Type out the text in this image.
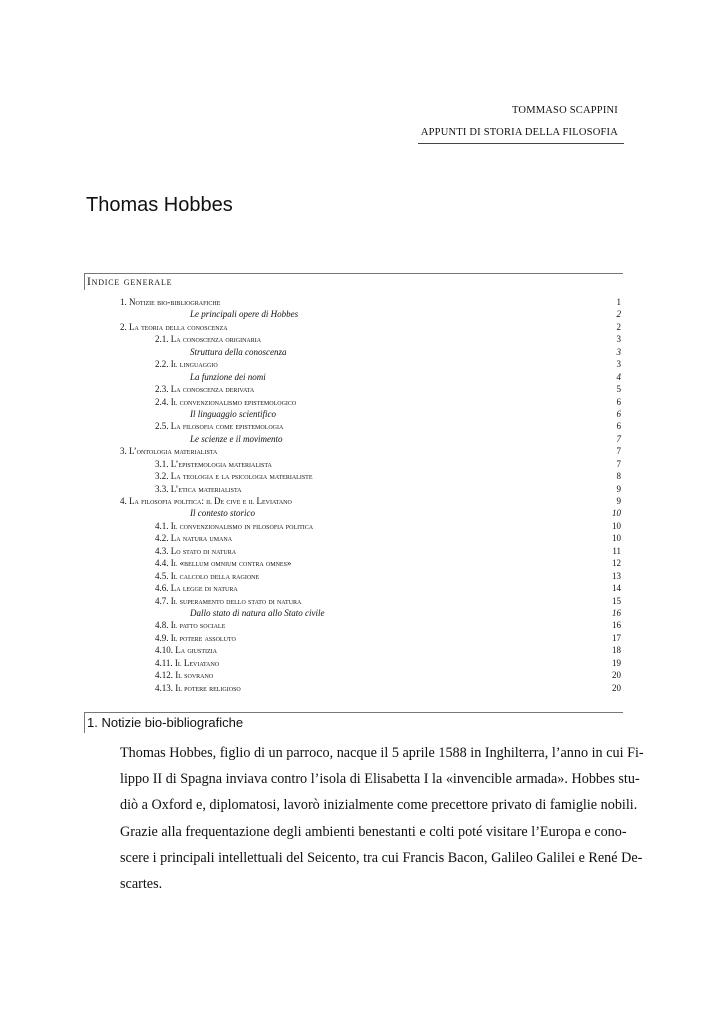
TOMMASO SCAPPINI
APPUNTI DI STORIA DELLA FILOSOFIA
Thomas Hobbes
Indice generale
1. Notizie bio-bibliografiche	1
Le principali opere di Hobbes	2
2. La teoria della conoscenza	2
2.1. La conoscenza originaria	3
Struttura della conoscenza	3
2.2. Il linguaggio	3
La funzione dei nomi	4
2.3. La conoscenza derivata	5
2.4. Il convenzionalismo epistemologico	6
Il linguaggio scientifico	6
2.5. La filosofia come epistemologia	6
Le scienze e il movimento	7
3. L’ontologia materialista	7
3.1. L’epistemologia materialista	7
3.2. La teologia e la psicologia materialiste	8
3.3. L’etica materialista	9
4. La filosofia politica: il De cive e il Leviatano	9
Il contesto storico	10
4.1. Il convenzionalismo in filosofia politica	10
4.2. La natura umana	10
4.3. Lo stato di natura	11
4.4. Il «bellum omnium contra omnes»	12
4.5. Il calcolo della ragione	13
4.6. La legge di natura	14
4.7. Il superamento dello stato di natura	15
Dallo stato di natura allo Stato civile	16
4.8. Il patto sociale	16
4.9. Il potere assoluto	17
4.10. La giustizia	18
4.11. Il Leviatano	19
4.12. Il sovrano	20
4.13. Il potere religioso	20
1. Notizie bio-bibliografiche
Thomas Hobbes, figlio di un parroco, nacque il 5 aprile 1588 in Inghilterra, l’anno in cui Fi-
lippo II di Spagna inviava contro l’isola di Elisabetta I la «invencible armada». Hobbes stu-
diò a Oxford e, diplomatosi, lavorò inizialmente come precettore privato di famiglie nobili.
Grazie alla frequentazione degli ambienti benestanti e colti poté visitare l’Europa e cono-
scere i principali intellettuali del Seicento, tra cui Francis Bacon, Galileo Galilei e René De-
scartes.
